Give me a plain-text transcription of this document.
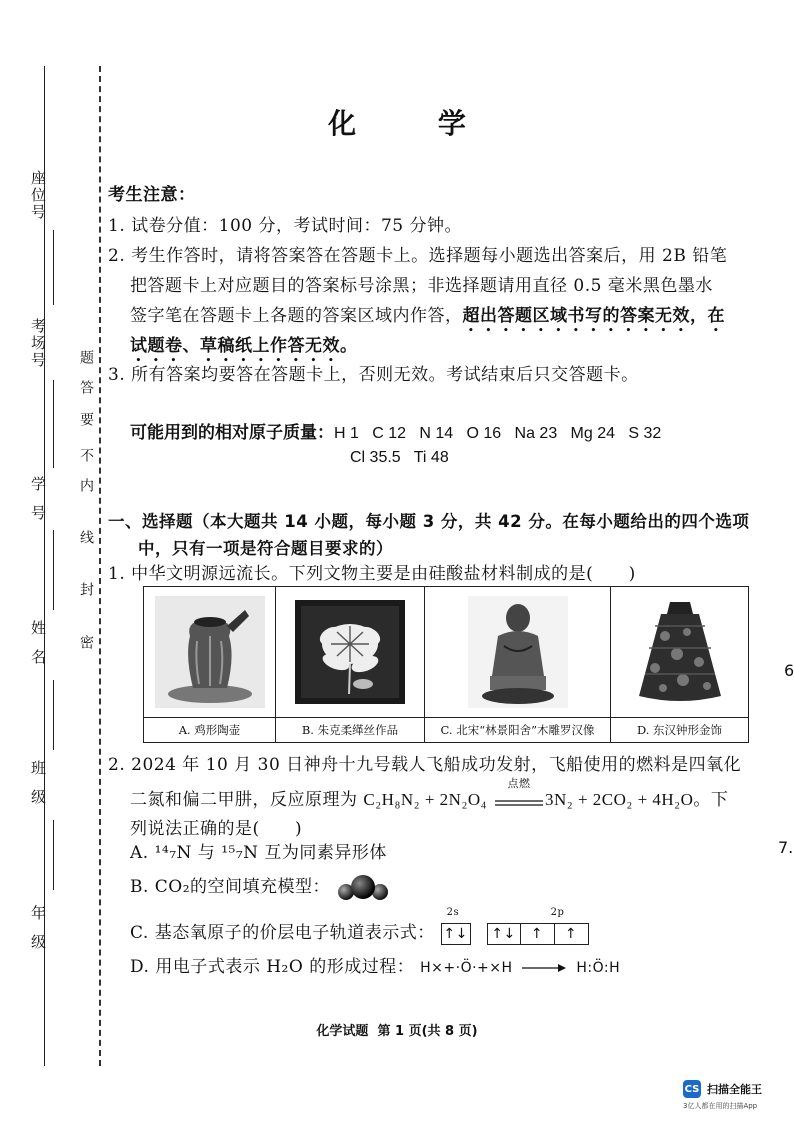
座位号
考场号
学号
姓名
班级
年级
密
封
线
内
不
要
答
题
化 学
考生注意：
1. 试卷分值：100 分，考试时间：75 分钟。
2. 考生作答时，请将答案答在答题卡上。选择题每小题选出答案后，用 2B 铅笔
把答题卡上对应题目的答案标号涂黑；非选择题请用直径 0.5 毫米黑色墨水
签字笔在答题卡上各题的答案区域内作答，超出答题区域书写的答案无效，在
试题卷、草稿纸上作答无效。
3. 所有答案均要答在答题卡上，否则无效。考试结束后只交答题卡。
可能用到的相对原子质量：H 1   C 12   N 14   O 16   Na 23   Mg 24   S 32
Cl 35.5   Ti 48
一、选择题（本大题共 14 小题，每小题 3 分，共 42 分。在每小题给出的四个选项
中，只有一项是符合题目要求的）
1. 中华文明源远流长。下列文物主要是由硅酸盐材料制成的是(      )
A. 鸡形陶壶	B. 朱克柔缂丝作品	C. 北宋“林景阳舍”木雕罗汉像	D. 东汉钟形金饰
2. 2024 年 10 月 30 日神舟十九号载人飞船成功发射，飞船使用的燃料是四氧化
二氮和偏二甲肼，反应原理为 C₂H₈N₂ + 2N₂O₄
点燃
3N₂ + 2CO₂ + 4H₂O。下
列说法正确的是(      )
A. ¹⁴₇N 与 ¹⁵₇N 互为同素异形体
B. CO₂的空间填充模型：
C. 基态氧原子的价层电子轨道表示式：
2s	2p
↑↓
	↑↓	↑	↑
D. 用电子式表示 H₂O 的形成过程： H×+·Ö·+×H	H:Ö:H
6
7.
化学试题  第 1 页(共 8 页)
CS 扫描全能王
3亿人都在用的扫描App
